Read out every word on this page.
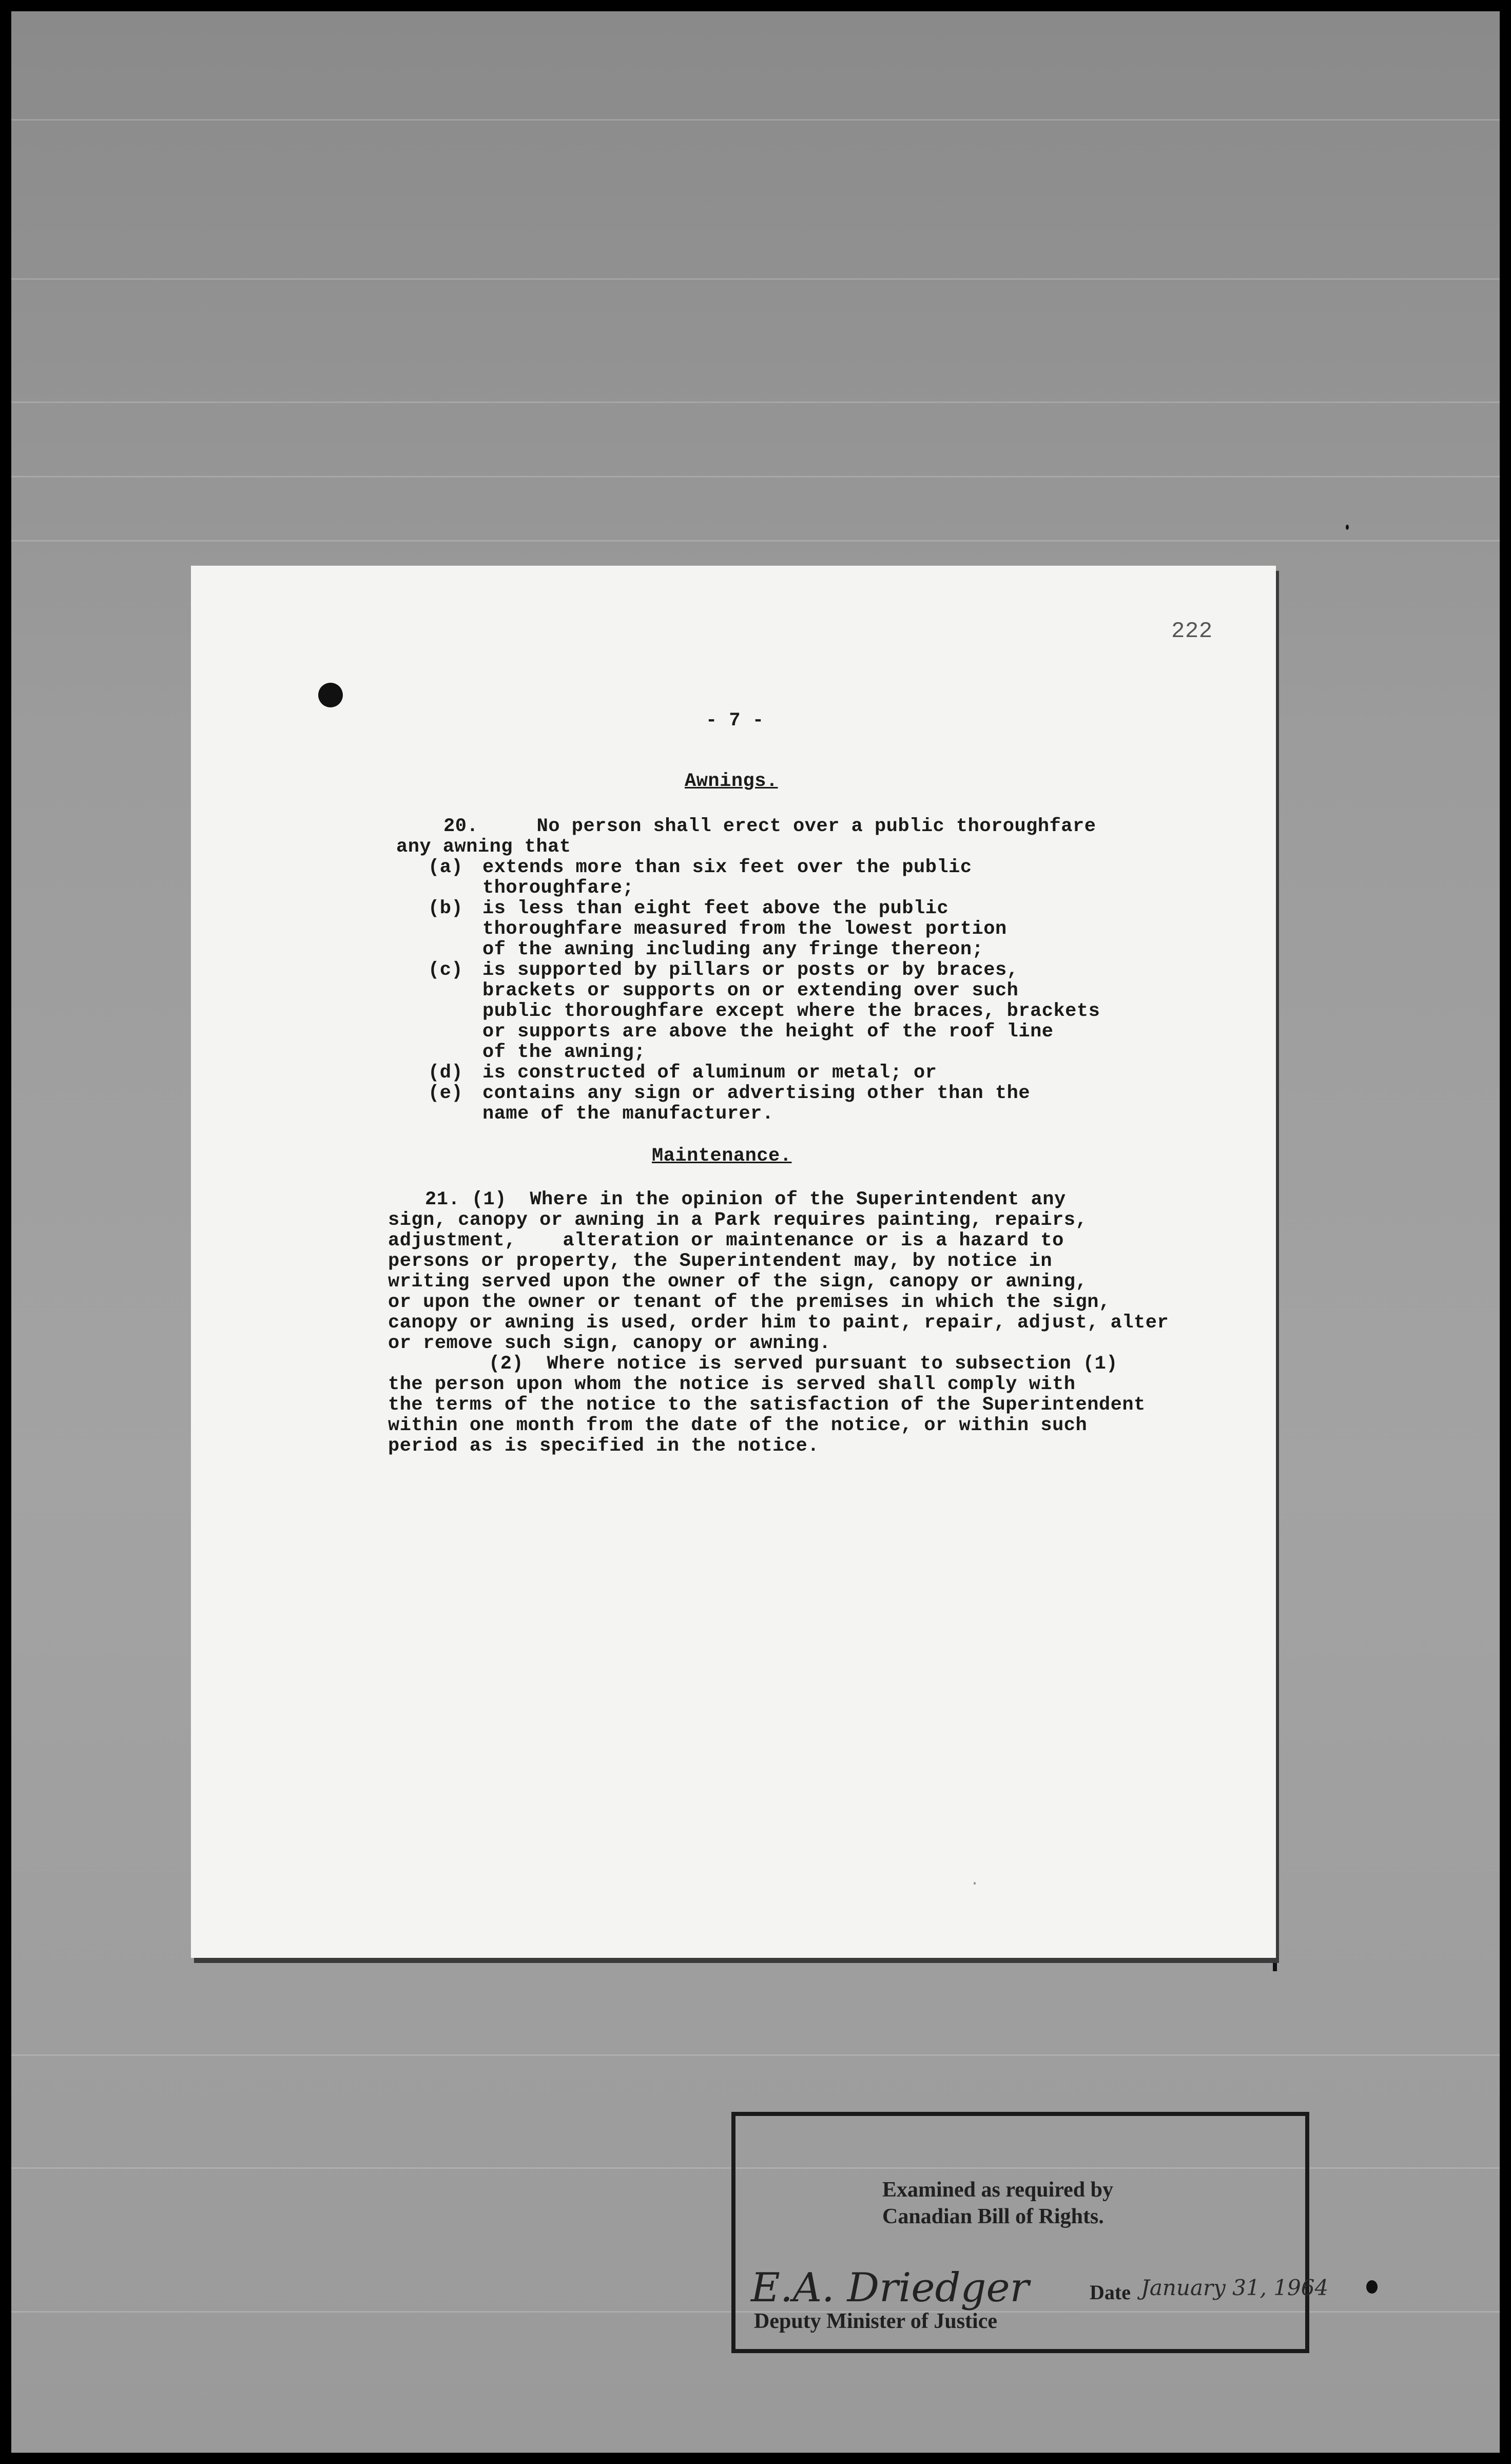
222
- 7 -
Awnings.
20.     No person shall erect over a public thoroughfare
any awning that
(a) extends more than six feet over the public
thoroughfare;
(b) is less than eight feet above the public
thoroughfare measured from the lowest portion
of the awning including any fringe thereon;
(c) is supported by pillars or posts or by braces,
brackets or supports on or extending over such
public thoroughfare except where the braces, brackets
or supports are above the height of the roof line
of the awning;
(d) is constructed of aluminum or metal; or
(e) contains any sign or advertising other than the
name of the manufacturer.
Maintenance.
21. (1)  Where in the opinion of the Superintendent any
sign, canopy or awning in a Park requires painting, repairs,
adjustment,    alteration or maintenance or is a hazard to
persons or property, the Superintendent may, by notice in
writing served upon the owner of the sign, canopy or awning,
or upon the owner or tenant of the premises in which the sign,
canopy or awning is used, order him to paint, repair, adjust, alter
or remove such sign, canopy or awning.
(2)  Where notice is served pursuant to subsection (1)
the person upon whom the notice is served shall comply with
the terms of the notice to the satisfaction of the Superintendent
within one month from the date of the notice, or within such
period as is specified in the notice.
Examined as required by
Canadian Bill of Rights.
E.A. Driedger	Date January 31, 1964
Deputy Minister of Justice
·
